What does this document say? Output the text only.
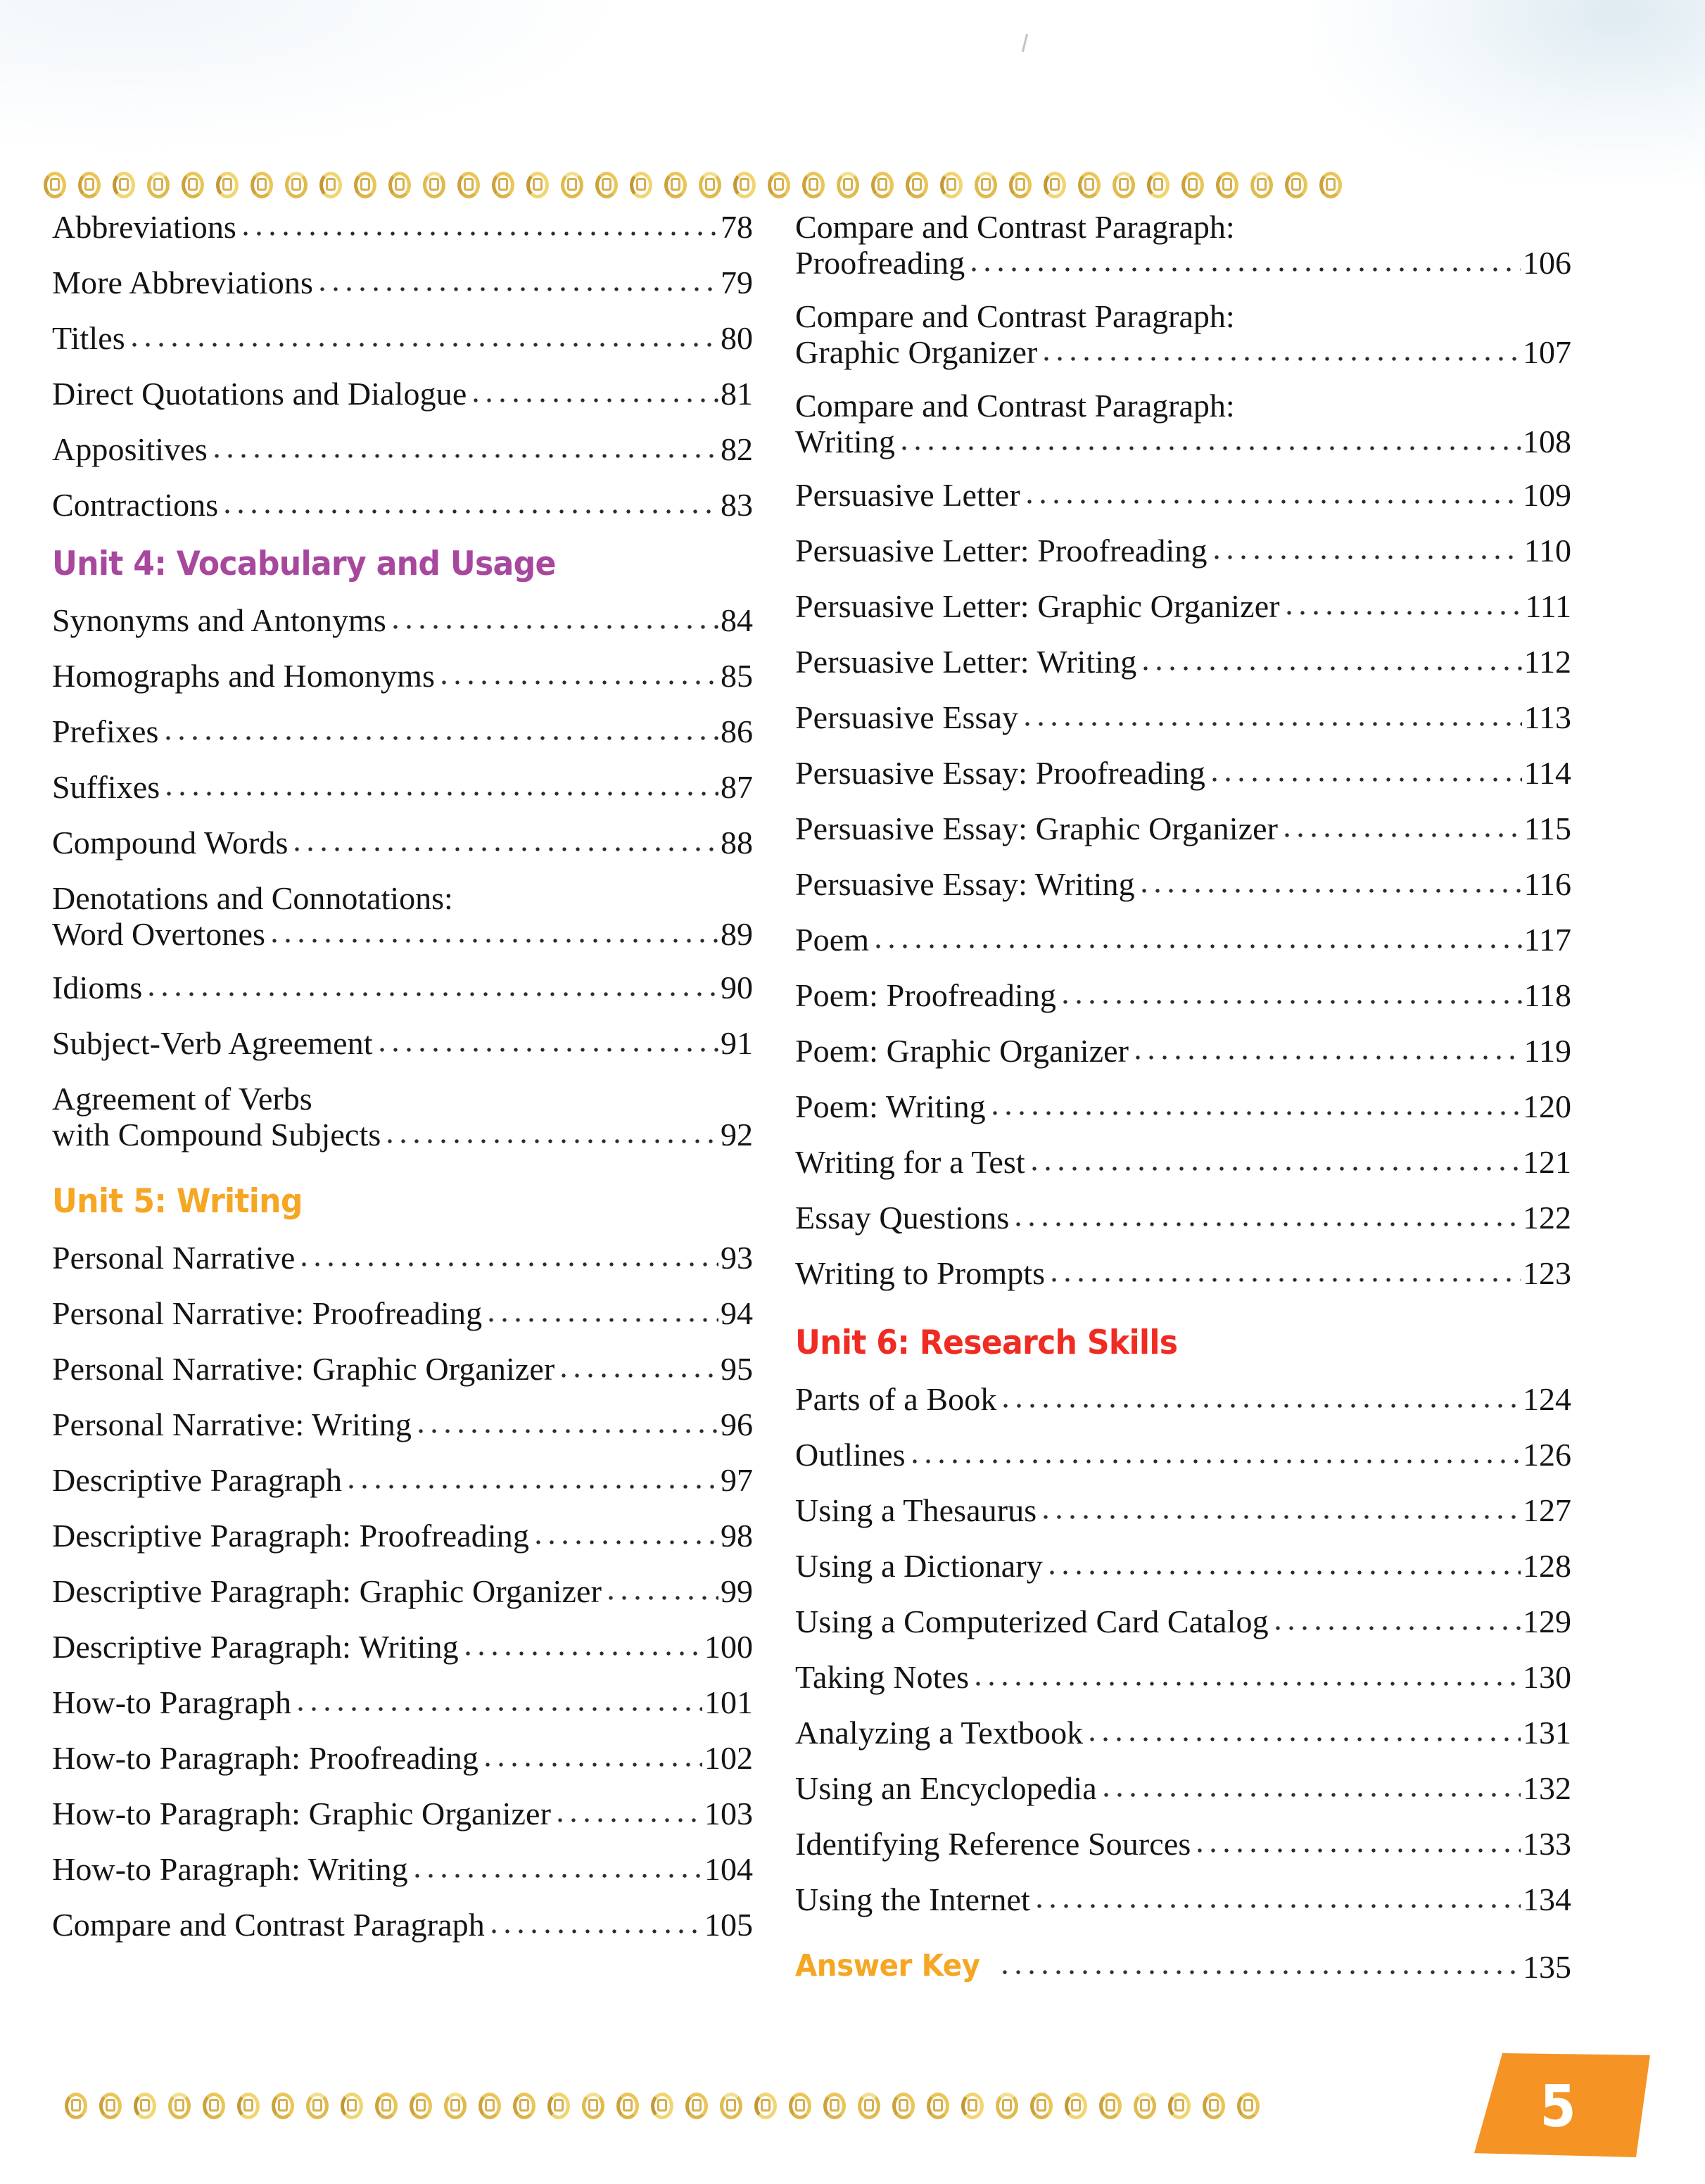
Abbreviations	78
More Abbreviations	79
Titles	80
Direct Quotations and Dialogue	81
Appositives	82
Contractions	83
Unit 4: Vocabulary and Usage
Synonyms and Antonyms	84
Homographs and Homonyms	85
Prefixes	86
Suffixes	87
Compound Words	88
Denotations and Connotations:
Word Overtones	89
Idioms	90
Subject-Verb Agreement	91
Agreement of Verbs
with Compound Subjects	92
Unit 5: Writing
Personal Narrative	93
Personal Narrative: Proofreading	94
Personal Narrative: Graphic Organizer	95
Personal Narrative: Writing	96
Descriptive Paragraph	97
Descriptive Paragraph: Proofreading	98
Descriptive Paragraph: Graphic Organizer	99
Descriptive Paragraph: Writing	100
How-to Paragraph	101
How-to Paragraph: Proofreading	102
How-to Paragraph: Graphic Organizer	103
How-to Paragraph: Writing	104
Compare and Contrast Paragraph	105
Compare and Contrast Paragraph:
Proofreading	106
Compare and Contrast Paragraph:
Graphic Organizer	107
Compare and Contrast Paragraph:
Writing	108
Persuasive Letter	109
Persuasive Letter: Proofreading	110
Persuasive Letter: Graphic Organizer	111
Persuasive Letter: Writing	112
Persuasive Essay	113
Persuasive Essay: Proofreading	114
Persuasive Essay: Graphic Organizer	115
Persuasive Essay: Writing	116
Poem	117
Poem: Proofreading	118
Poem: Graphic Organizer	119
Poem: Writing	120
Writing for a Test	121
Essay Questions	122
Writing to Prompts	123
Unit 6: Research Skills
Parts of a Book	124
Outlines	126
Using a Thesaurus	127
Using a Dictionary	128
Using a Computerized Card Catalog	129
Taking Notes	130
Analyzing a Textbook	131
Using an Encyclopedia	132
Identifying Reference Sources	133
Using the Internet	134
Answer Key	135
5
